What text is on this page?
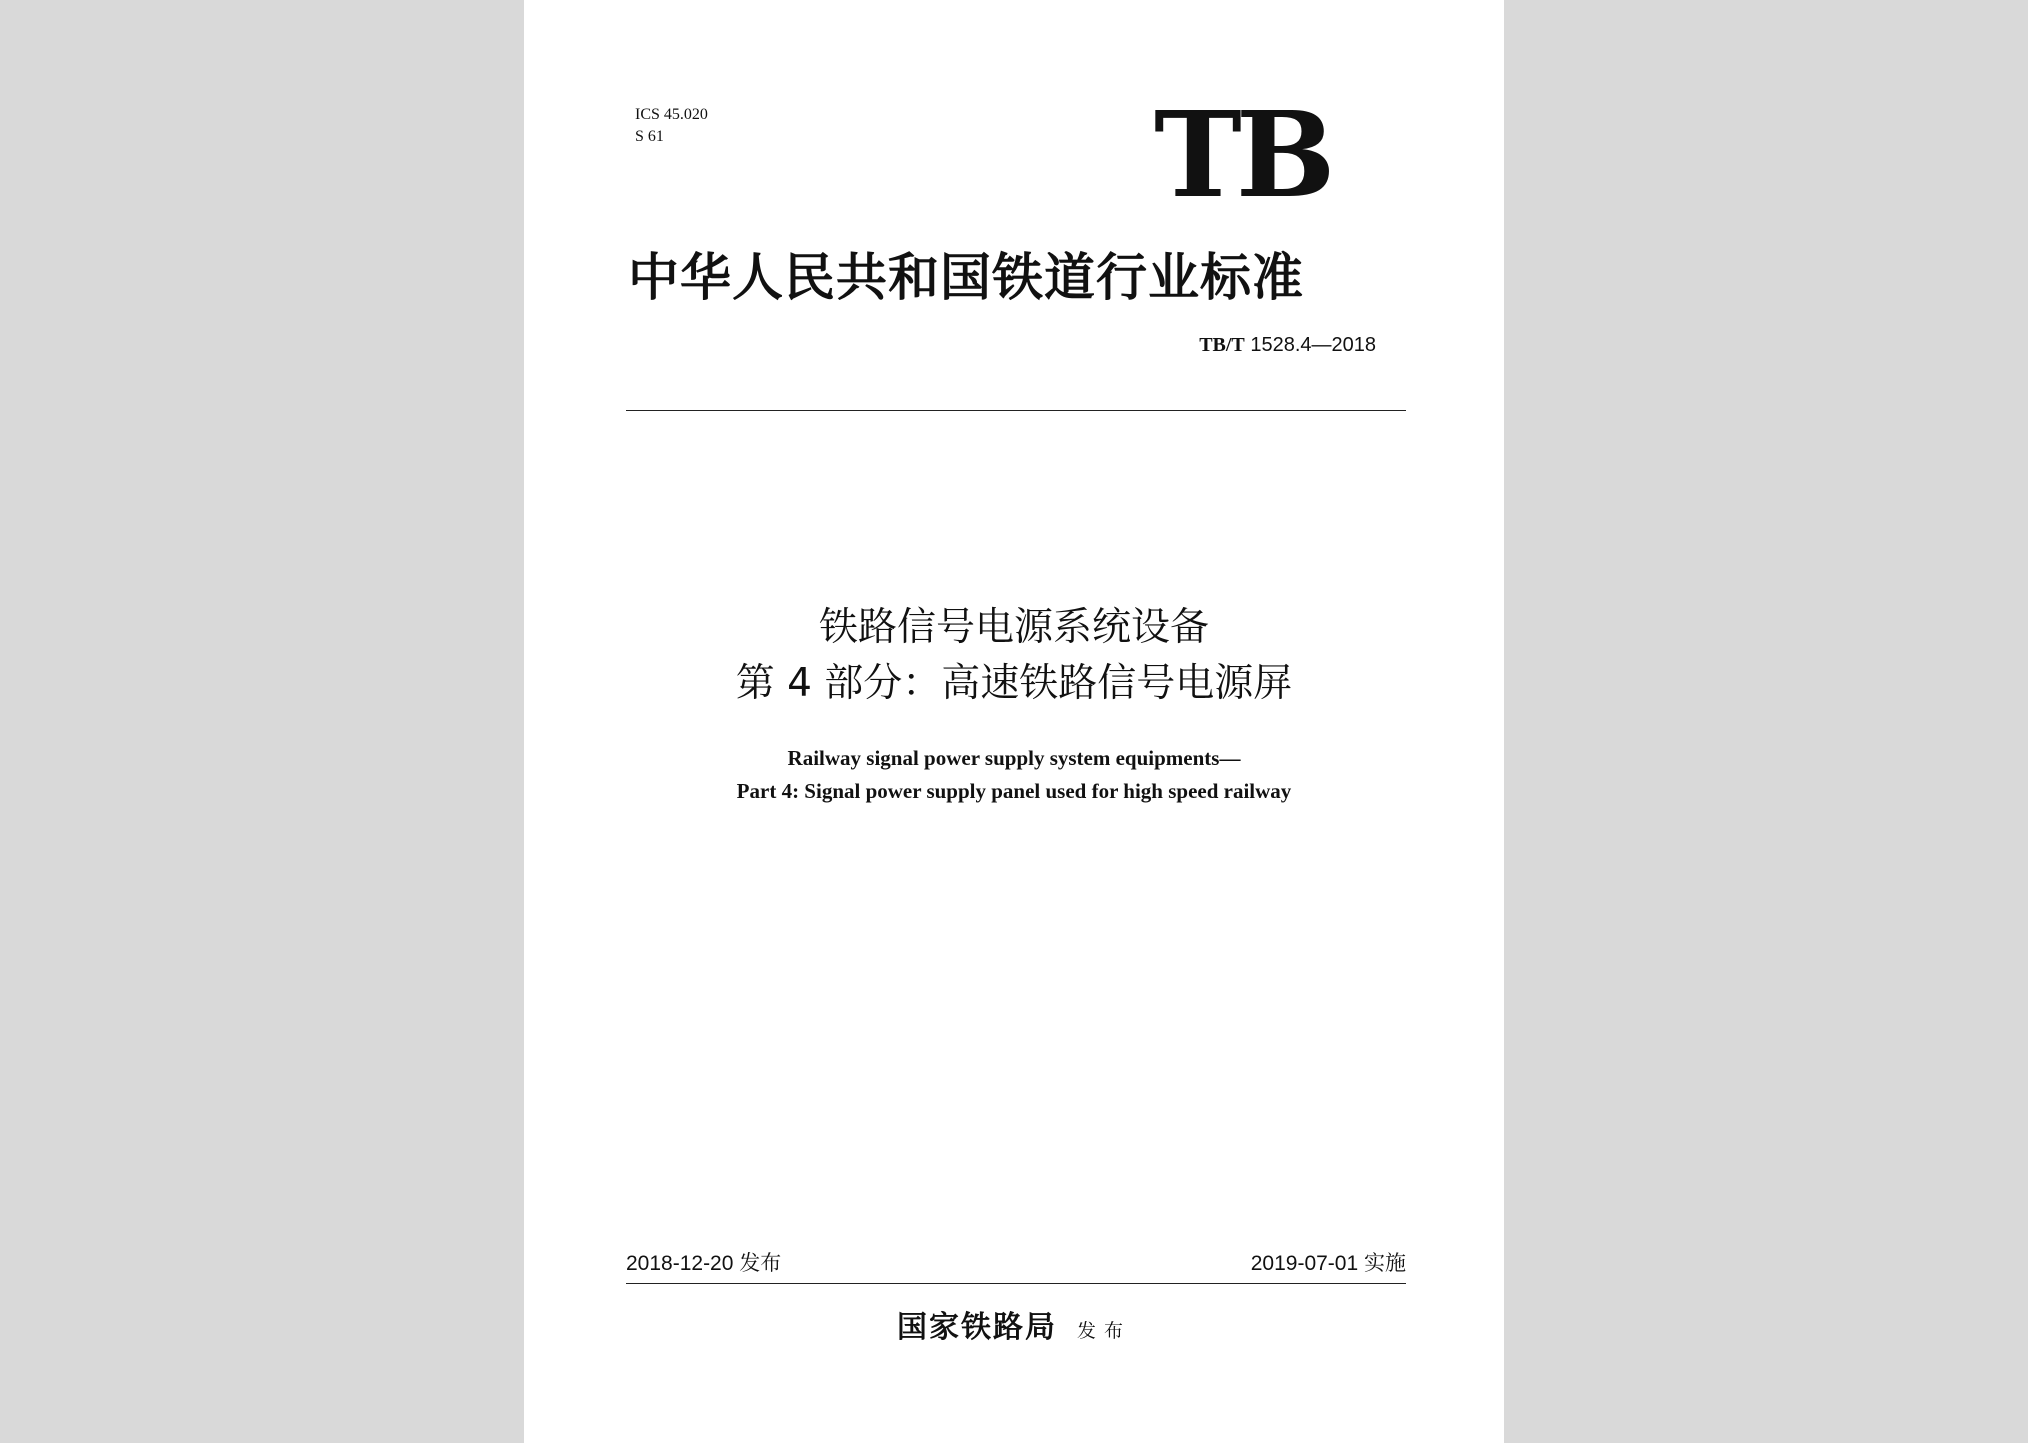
ICS 45.020
S 61	TB
中华人民共和国铁道行业标准
TB/T 1528.4—2018
铁路信号电源系统设备
第 4 部分：高速铁路信号电源屏
Railway signal power supply system equipments—
Part 4: Signal power supply panel used for high speed railway
2018-12-20 发布	2019-07-01 实施
国家铁路局 发布
